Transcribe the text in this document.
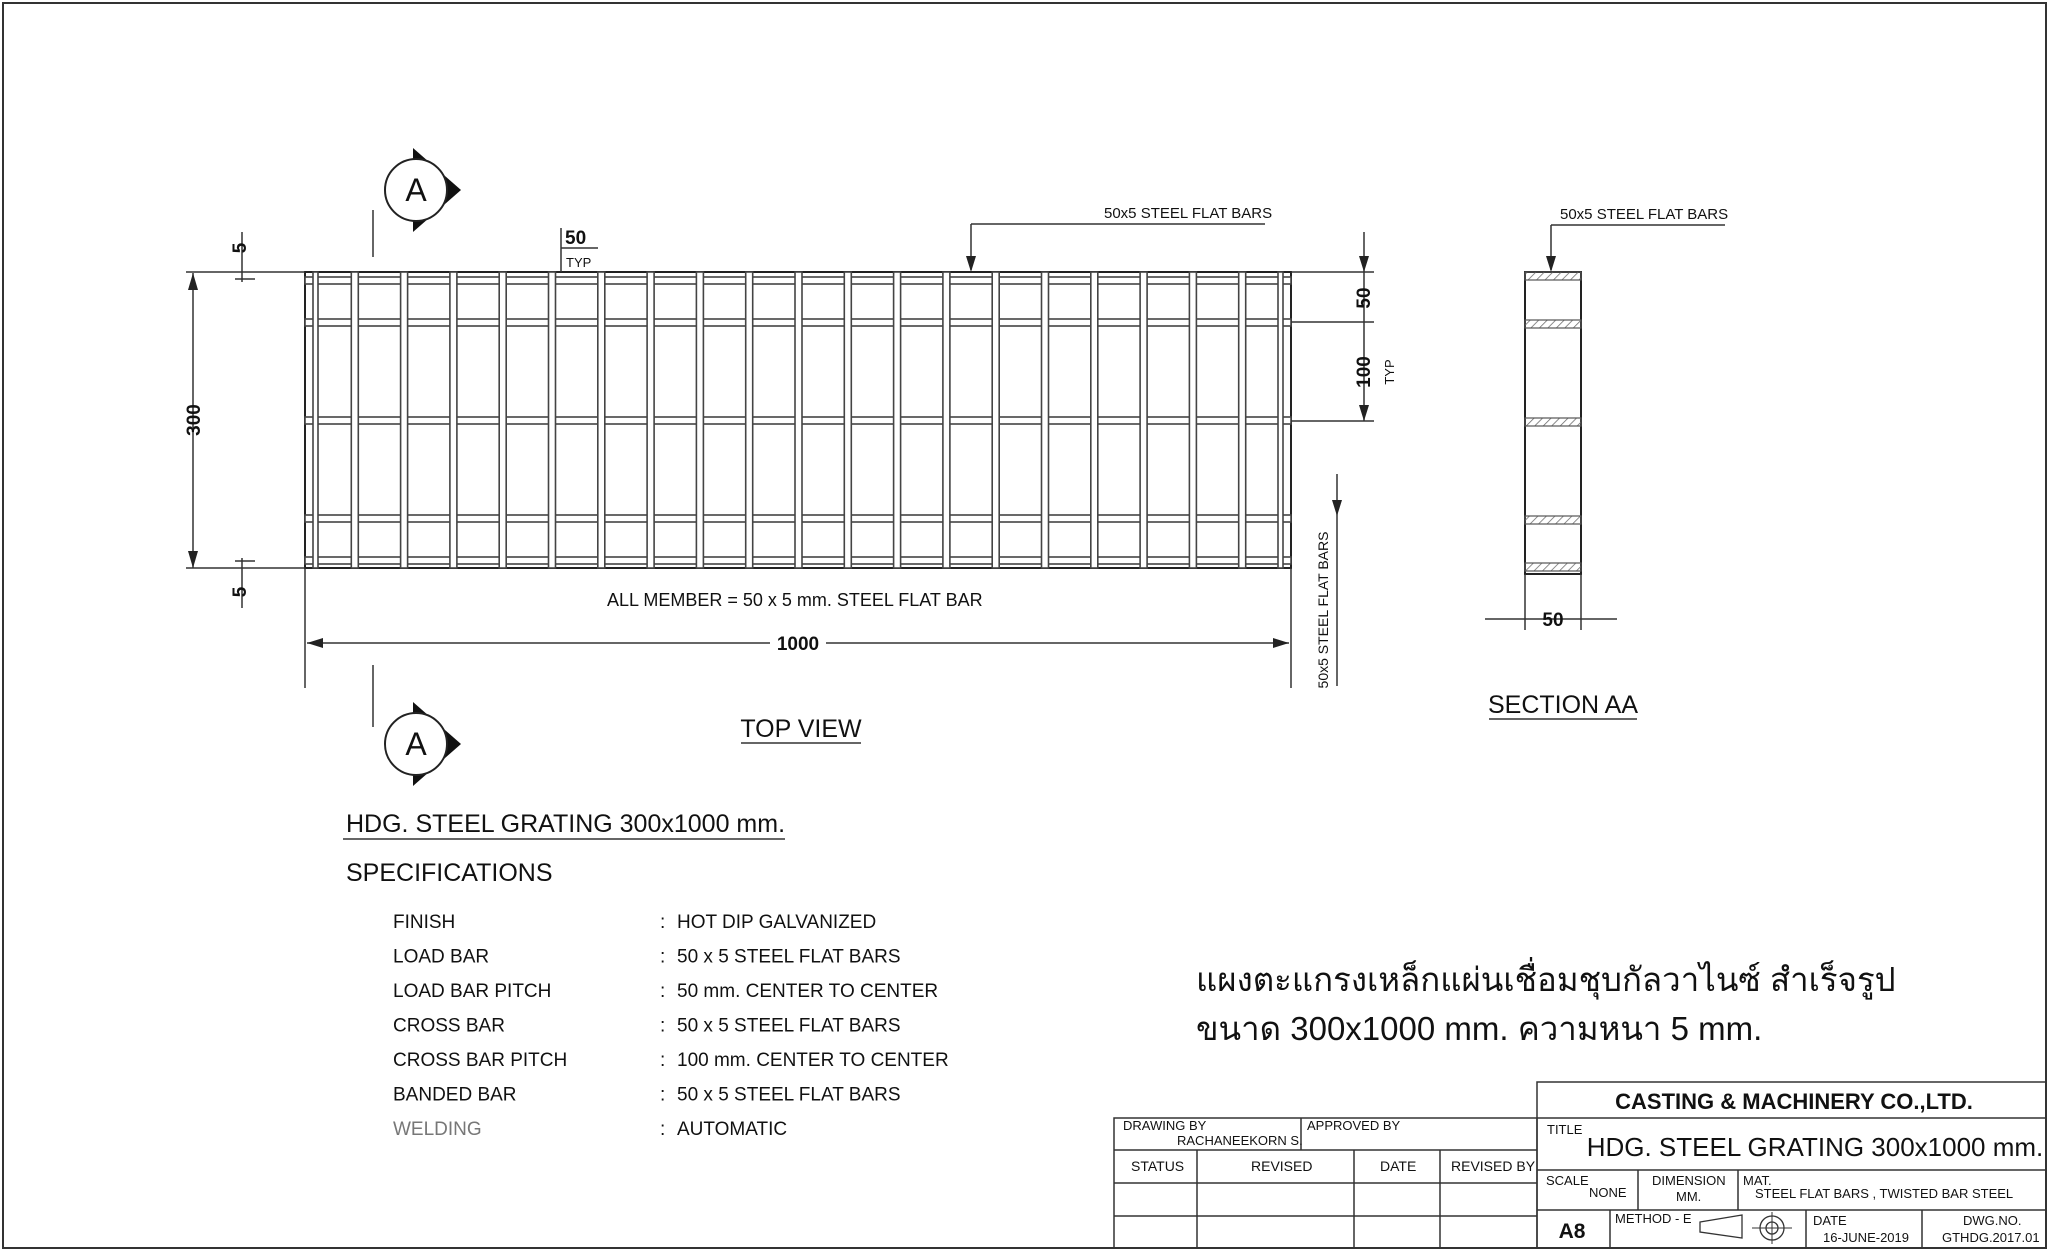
300
5
5
50
TYP
50x5 STEEL FLAT BARS
50
100 TYP
50x5 STEEL FLAT BARS
ALL MEMBER = 50 x 5 mm. STEEL FLAT BAR
1000
TOP VIEW
A
A
50x5 STEEL FLAT BARS
50
SECTION AA
HDG. STEEL GRATING 300x1000 mm.
SPECIFICATIONS
FINISH	: HOT DIP GALVANIZED
LOAD BAR	: 50 x 5 STEEL FLAT BARS
LOAD BAR PITCH	: 50 mm. CENTER TO CENTER
CROSS BAR	: 50 x 5 STEEL FLAT BARS
CROSS BAR PITCH	: 100 mm. CENTER TO CENTER
BANDED BAR	: 50 x 5 STEEL FLAT BARS
WELDING	: AUTOMATIC
แผงตะแกรงเหล็กแผ่นเชื่อมชุบกัลวาไนซ์ สำเร็จรูป
ขนาด 300x1000 mm. ความหนา 5 mm.
DRAWING BY
RACHANEEKORN S.
APPROVED BY
STATUS	REVISED	DATE REVISED BY
CASTING & MACHINERY CO.,LTD.
TITLE
HDG. STEEL GRATING 300x1000 mm.
SCALE
NONE
DIMENSION
MM.
MAT.
STEEL FLAT BARS , TWISTED BAR STEEL
A8
METHOD - E	DATE
16-JUNE-2019
DWG.NO.
GTHDG.2017.01
